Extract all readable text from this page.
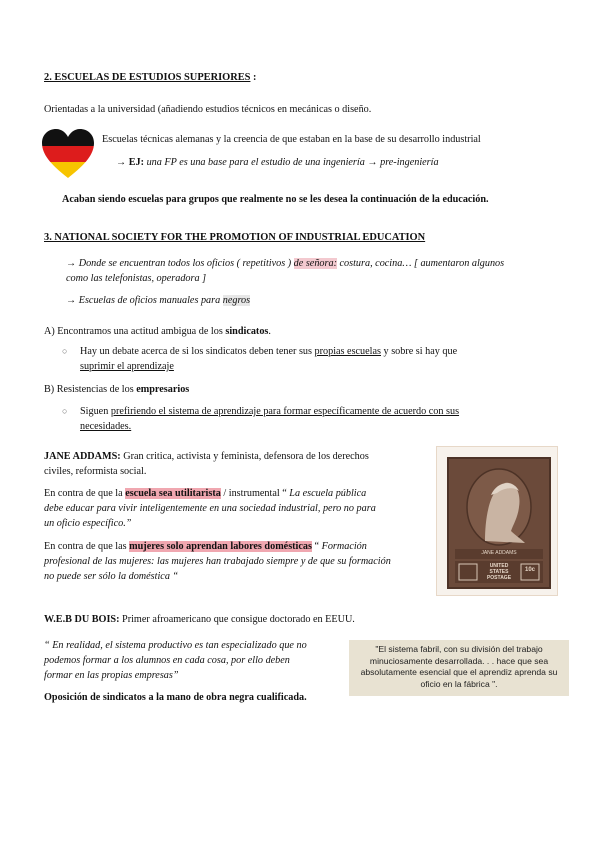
2. ESCUELAS DE ESTUDIOS SUPERIORES :
Orientadas a la universidad (añadiendo estudios técnicos en mecánicas o diseño.
Escuelas técnicas alemanas y la creencia de que estaban en la base de su desarrollo industrial
→ EJ: una FP es una base para el estudio de una ingeniería → pre-ingeniería
Acaban siendo escuelas para grupos que realmente no se les desea la continuación de la educación.
3. NATIONAL SOCIETY FOR THE PROMOTION OF INDUSTRIAL EDUCATION
→ Donde se encuentran todos los oficios ( repetitivos ) de señora: costura, cocina… [ aumentaron algunos
como las telefonistas, operadora ]
→ Escuelas de oficios manuales para negros
A) Encontramos una actitud ambigua de los sindicatos.
○ Hay un debate acerca de si los sindicatos deben tener sus propias escuelas y sobre si hay que
suprimir el aprendizaje
B) Resistencias de los empresarios
○ Siguen prefiriendo el sistema de aprendizaje para formar específicamente de acuerdo con sus
necesidades.
JANE ADDAMS: Gran critica, activista y feminista, defensora de los derechos
civiles, reformista social.
En contra de que la escuela sea utilitarista / instrumental “ La escuela pública
debe educar para vivir inteligentemente en una sociedad industrial, pero no para
un oficio específico.”
En contra de que las mujeres solo aprendan labores domésticas “ Formación
profesional de las mujeres: las mujeres han trabajado siempre y de que su formación
no puede ser sólo la doméstica “
JANE ADDAMS
UNITED
STATES
POSTAGE
10c
W.E.B DU BOIS: Primer afroamericano que consigue doctorado en EEUU.
“ En realidad, el sistema productivo es tan especializado que no
podemos formar a los alumnos en cada cosa, por ello deben
formar en las propias empresas”
"El sistema fabril, con su división del trabajo
minuciosamente desarrollada. . . hace que sea
absolutamente esencial que el aprendiz aprenda su
oficio en la fábrica ".
Oposición de sindicatos a la mano de obra negra cualificada.
